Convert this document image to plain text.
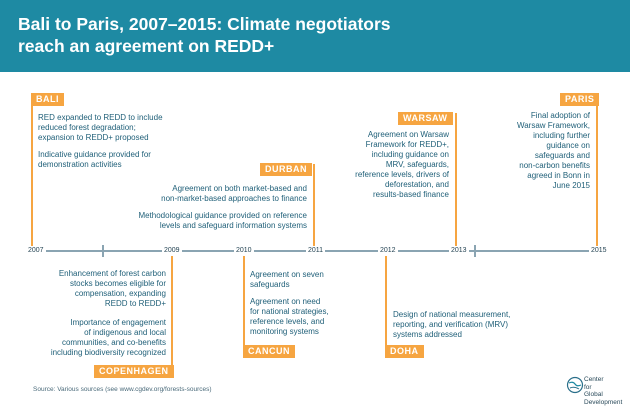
Bali to Paris, 2007–2015: Climate negotiators
reach an agreement on REDD+
2007	2009	2010	2011	2012	2013	2015
BALI
RED expanded to REDD to include
reduced forest degradation;
expansion to REDD+ proposed
Indicative guidance provided for
demonstration activities	DURBAN
Agreement on both market-based and
non-market-based approaches to finance
Methodological guidance provided on reference
levels and safeguard information systems
WARSAW
Agreement on Warsaw
Framework for REDD+,
including guidance on
MRV, safeguards,
reference levels, drivers of
deforestation, and
results-based finance
PARIS
Final adoption of
Warsaw Framework,
including further
guidance on
safeguards and
non-carbon benefits
agreed in Bonn in
June 2015
COPENHAGEN
Enhancement of forest carbon
stocks becomes eligible for
compensation, expanding
REDD to REDD+
Importance of engagement
of indigenous and local
communities, and co-benefits
including biodiversity recognized	CANCUN
Agreement on seven
safeguards
Agreement on need
for national strategies,
reference levels, and
monitoring systems
DOHA
Design of national measurement,
reporting, and verification (MRV)
systems addressed
Source: Various sources (see www.cgdev.org/forests-sources)
Center
for
Global
Development
